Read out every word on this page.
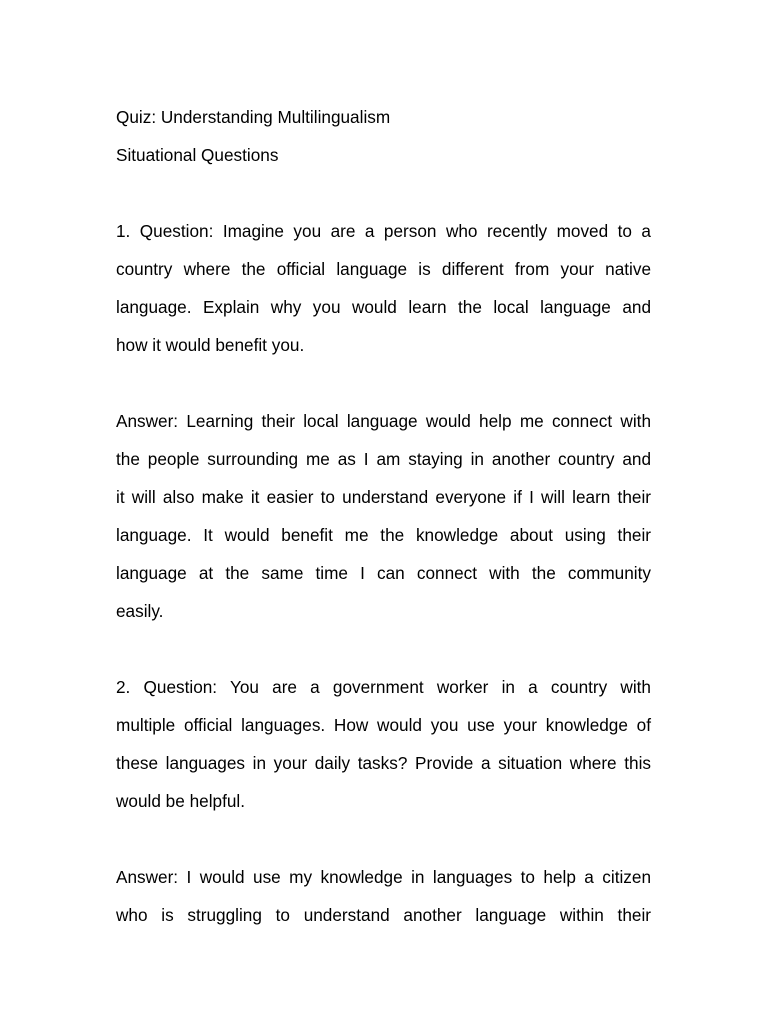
Quiz: Understanding Multilingualism

Situational Questions

1. Question: Imagine you are a person who recently moved to a

country where the official language is different from your native

language. Explain why you would learn the local language and

how it would benefit you.

Answer: Learning their local language would help me connect with

the people surrounding me as I am staying in another country and

it will also make it easier to understand everyone if I will learn their

language. It would benefit me the knowledge about using their

language at the same time I can connect with the community

easily.

2. Question: You are a government worker in a country with

multiple official languages. How would you use your knowledge of

these languages in your daily tasks? Provide a situation where this

would be helpful.

Answer: I would use my knowledge in languages to help a citizen

who is struggling to understand another language within their
